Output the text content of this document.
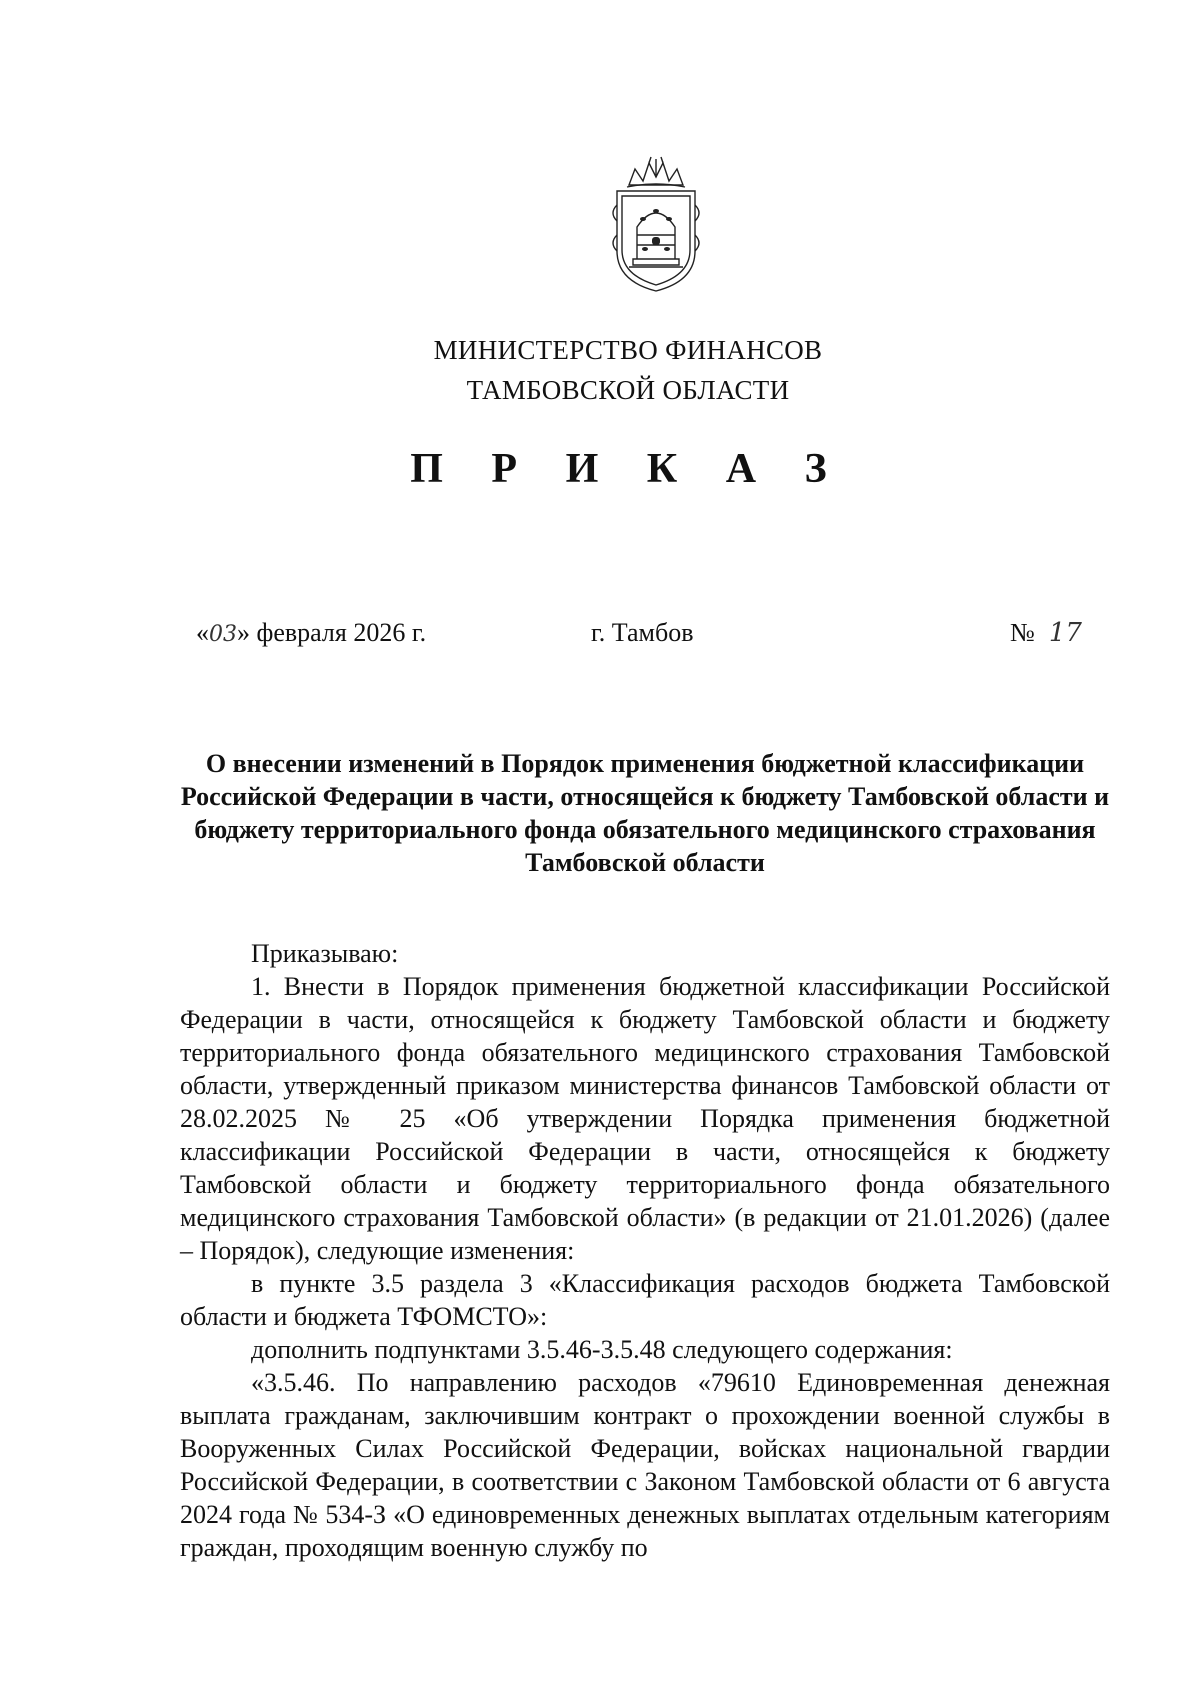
МИНИСТЕРСТВО ФИНАНСОВ
ТАМБОВСКОЙ ОБЛАСТИ
П Р И К А З
«03» февраля 2026 г.	г. Тамбов	№ 17
О внесении изменений в Порядок применения бюджетной классификации Российской Федерации в части, относящейся к бюджету Тамбовской области и бюджету территориального фонда обязательного медицинского страхования Тамбовской области

Приказываю:

1. Внести в Порядок применения бюджетной классификации Российской Федерации в части, относящейся к бюджету Тамбовской области и бюджету территориального фонда обязательного медицинского страхования Тамбовской области, утвержденный приказом министерства финансов Тамбовской области от 28.02.2025 № 25 «Об утверждении Порядка применения бюджетной классификации Российской Федерации в части, относящейся к бюджету Тамбовской области и бюджету территориального фонда обязательного медицинского страхования Тамбовской области» (в редакции от 21.01.2026) (далее – Порядок), следующие изменения:

в пункте 3.5 раздела 3 «Классификация расходов бюджета Тамбовской области и бюджета ТФОМСТО»:

дополнить подпунктами 3.5.46-3.5.48 следующего содержания:

«3.5.46. По направлению расходов «79610 Единовременная денежная выплата гражданам, заключившим контракт о прохождении военной службы в Вооруженных Силах Российской Федерации, войсках национальной гвардии Российской Федерации, в соответствии с Законом Тамбовской области от 6 августа 2024 года № 534-З «О единовременных денежных выплатах отдельным категориям граждан, проходящим военную службу по
